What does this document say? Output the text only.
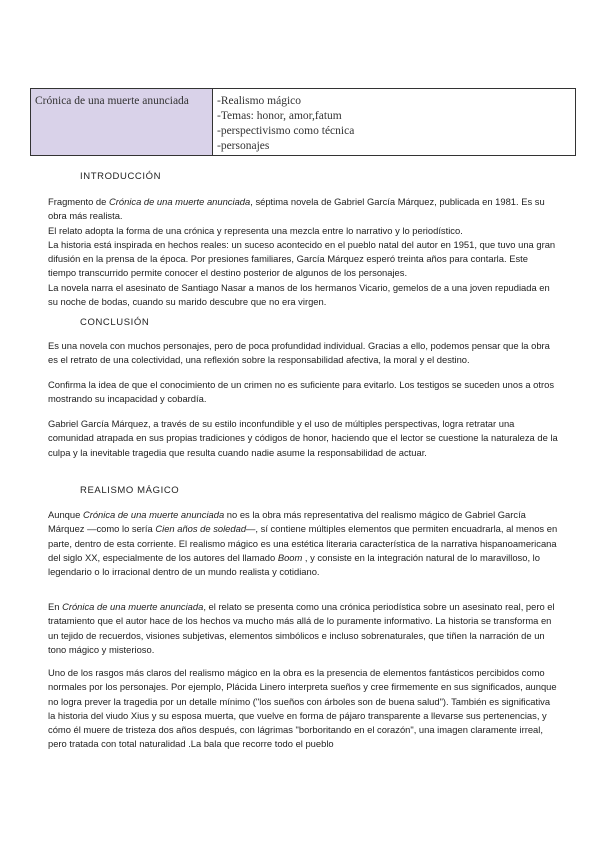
Crónica de una muerte anunciada	-Realismo mágico
-Temas: honor, amor,fatum
-perspectivismo como técnica
-personajes
INTRODUCCIÓN

Fragmento de Crónica de una muerte anunciada, séptima novela de Gabriel García Márquez, publicada en 1981. Es su obra más realista.

El relato adopta la forma de una crónica y representa una mezcla entre lo narrativo y lo periodístico.

La historia está inspirada en hechos reales: un suceso acontecido en el pueblo natal del autor en 1951, que tuvo una gran difusión en la prensa de la época. Por presiones familiares, García Márquez esperó treinta años para contarla. Este tiempo transcurrido permite conocer el destino posterior de algunos de los personajes.

La novela narra el asesinato de Santiago Nasar a manos de los hermanos Vicario, gemelos de a una joven repudiada en su noche de bodas, cuando su marido descubre que no era virgen.

CONCLUSIÓN
Es una novela con muchos personajes, pero de poca profundidad individual. Gracias a ello, podemos pensar que la obra es el retrato de una colectividad, una reflexión sobre la responsabilidad afectiva, la moral y el destino.
Confirma la idea de que el conocimiento de un crimen no es suficiente para evitarlo. Los testigos se suceden unos a otros mostrando su incapacidad y cobardía.
Gabriel García Márquez, a través de su estilo inconfundible y el uso de múltiples perspectivas, logra retratar una comunidad atrapada en sus propias tradiciones y códigos de honor, haciendo que el lector se cuestione la naturaleza de la culpa y la inevitable tragedia que resulta cuando nadie asume la responsabilidad de actuar.
REALISMO MÁGICO

Aunque Crónica de una muerte anunciada no es la obra más representativa del realismo mágico de Gabriel García Márquez —como lo sería Cien años de soledad—, sí contiene múltiples elementos que permiten encuadrarla, al menos en parte, dentro de esta corriente. El realismo mágico es una estética literaria característica de la narrativa hispanoamericana del siglo XX, especialmente de los autores del llamado Boom , y consiste en la integración natural de lo maravilloso, lo legendario o lo irracional dentro de un mundo realista y cotidiano.

En Crónica de una muerte anunciada, el relato se presenta como una crónica periodística sobre un asesinato real, pero el tratamiento que el autor hace de los hechos va mucho más allá de lo puramente informativo. La historia se transforma en un tejido de recuerdos, visiones subjetivas, elementos simbólicos e incluso sobrenaturales, que tiñen la narración de un tono mágico y misterioso.

Uno de los rasgos más claros del realismo mágico en la obra es la presencia de elementos fantásticos percibidos como normales por los personajes. Por ejemplo, Plácida Linero interpreta sueños y cree firmemente en sus significados, aunque no logra prever la tragedia por un detalle mínimo ("los sueños con árboles son de buena salud"). También es significativa la historia del viudo Xius y su esposa muerta, que vuelve en forma de pájaro transparente a llevarse sus pertenencias, y cómo él muere de tristeza dos años después, con lágrimas "borboritando en el corazón", una imagen claramente irreal, pero tratada con total naturalidad .La bala que recorre todo el pueblo
